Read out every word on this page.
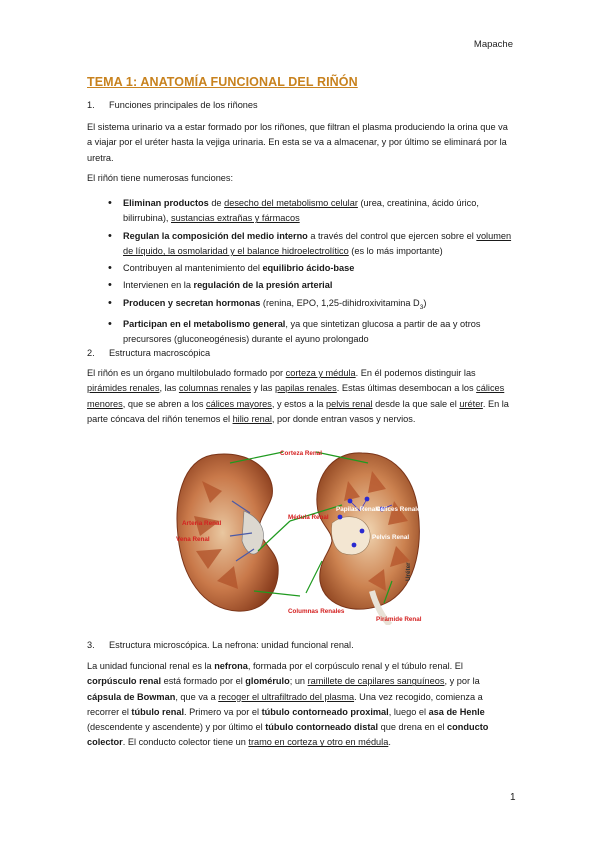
Mapache
TEMA 1: ANATOMÍA FUNCIONAL DEL RIÑÓN
1. Funciones principales de los riñones

El sistema urinario va a estar formado por los riñones, que filtran el plasma produciendo la orina que va a viajar por el uréter hasta la vejiga urinaria. En esta se va a almacenar, y por último se eliminará por la uretra.

El riñón tiene numerosas funciones:

• Eliminan productos de desecho del metabolismo celular (urea, creatinina, ácido úrico, bilirrubina), sustancias extrañas y fármacos
• Regulan la composición del medio interno a través del control que ejercen sobre el volumen de líquido, la osmolaridad y el balance hidroelectrolítico (es lo más importante)
• Contribuyen al mantenimiento del equilibrio ácido-base
• Intervienen en la regulación de la presión arterial
• Producen y secretan hormonas (renina, EPO, 1,25-dihidroxivitamina $D_3$)
• Participan en el metabolismo general, ya que sintetizan glucosa a partir de aa y otros precursores (gluconeogénesis) durante el ayuno prolongado
2. Estructura macroscópica

El riñón es un órgano multilobulado formado por corteza y médula. En él podemos distinguir las pirámides renales, las columnas renales y las papilas renales. Estas últimas desembocan a los cálices menores, que se abren a los cálices mayores, y estos a la pelvis renal desde la que sale el uréter. En la parte cóncava del riñón tenemos el hilio renal, por donde entran vasos y nervios.

Corteza Renal
Arteria Renal
Vena Renal
Médula Renal
Papilas Renales
Cálices Renales
Pelvis Renal
Uréter
Columnas Renales
Pirámide Renal
3. Estructura microscópica. La nefrona: unidad funcional renal.

La unidad funcional renal es la nefrona, formada por el corpúsculo renal y el túbulo renal. El corpúsculo renal está formado por el glomérulo; un ramillete de capilares sanguíneos, y por la cápsula de Bowman, que va a recoger el ultrafiltrado del plasma. Una vez recogido, comienza a recorrer el túbulo renal. Primero va por el túbulo contorneado proximal, luego el asa de Henle (descendente y ascendente) y por último el túbulo contorneado distal que drena en el conducto colector. El conducto colector tiene un tramo en corteza y otro en médula.

1
